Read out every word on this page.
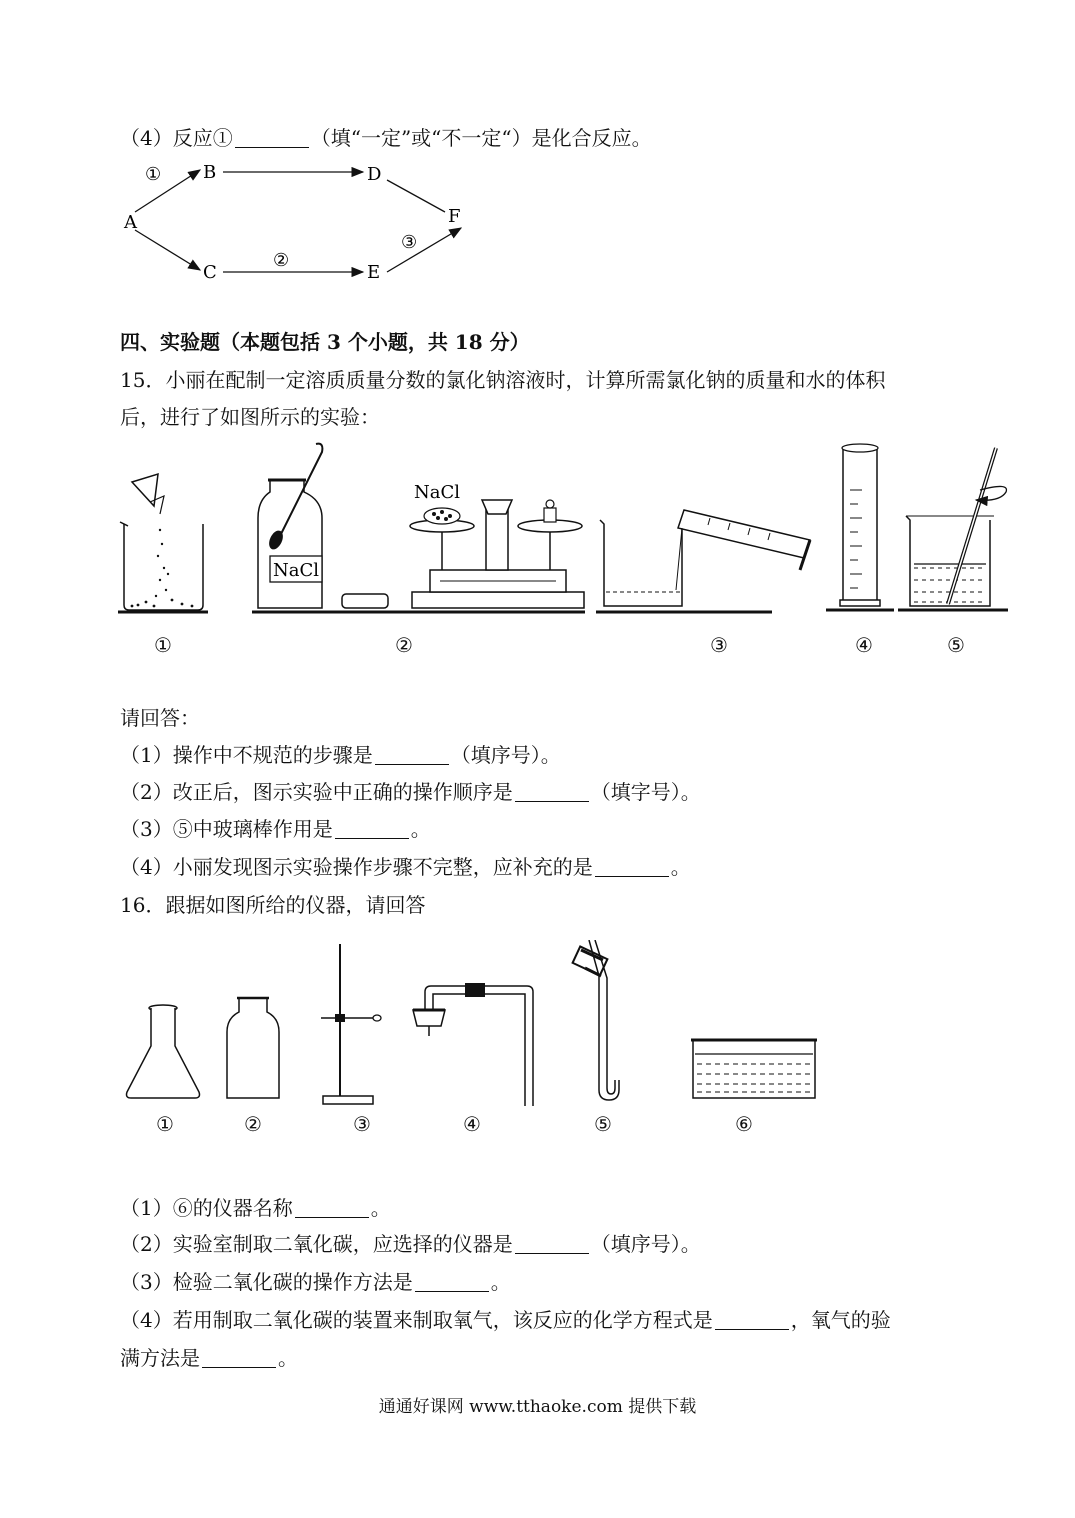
（4）反应①	（填“一定”或“不一定“）是化合反应。
A
B
C
D
E
F
①
②
③
四、实验题（本题包括 3 个小题，共 18 分）
15．小丽在配制一定溶质质量分数的氯化钠溶液时，计算所需氯化钠的质量和水的体积
后，进行了如图所示的实验：
NaCl
NaCl
①	②	③	④	⑤
请回答：
（1）操作中不规范的步骤是	（填序号）。
（2）改正后，图示实验中正确的操作顺序是	（填字号）。
（3）⑤中玻璃棒作用是	。
（4）小丽发现图示实验操作步骤不完整，应补充的是	。
16．跟据如图所给的仪器，请回答
①	②	③	④	⑤	⑥
（1）⑥的仪器名称	。
（2）实验室制取二氧化碳，应选择的仪器是	（填序号）。
（3）检验二氧化碳的操作方法是	。
（4）若用制取二氧化碳的装置来制取氧气，该反应的化学方程式是	，氧气的验
满方法是	。
通通好课网 www.tthaoke.com 提供下载
